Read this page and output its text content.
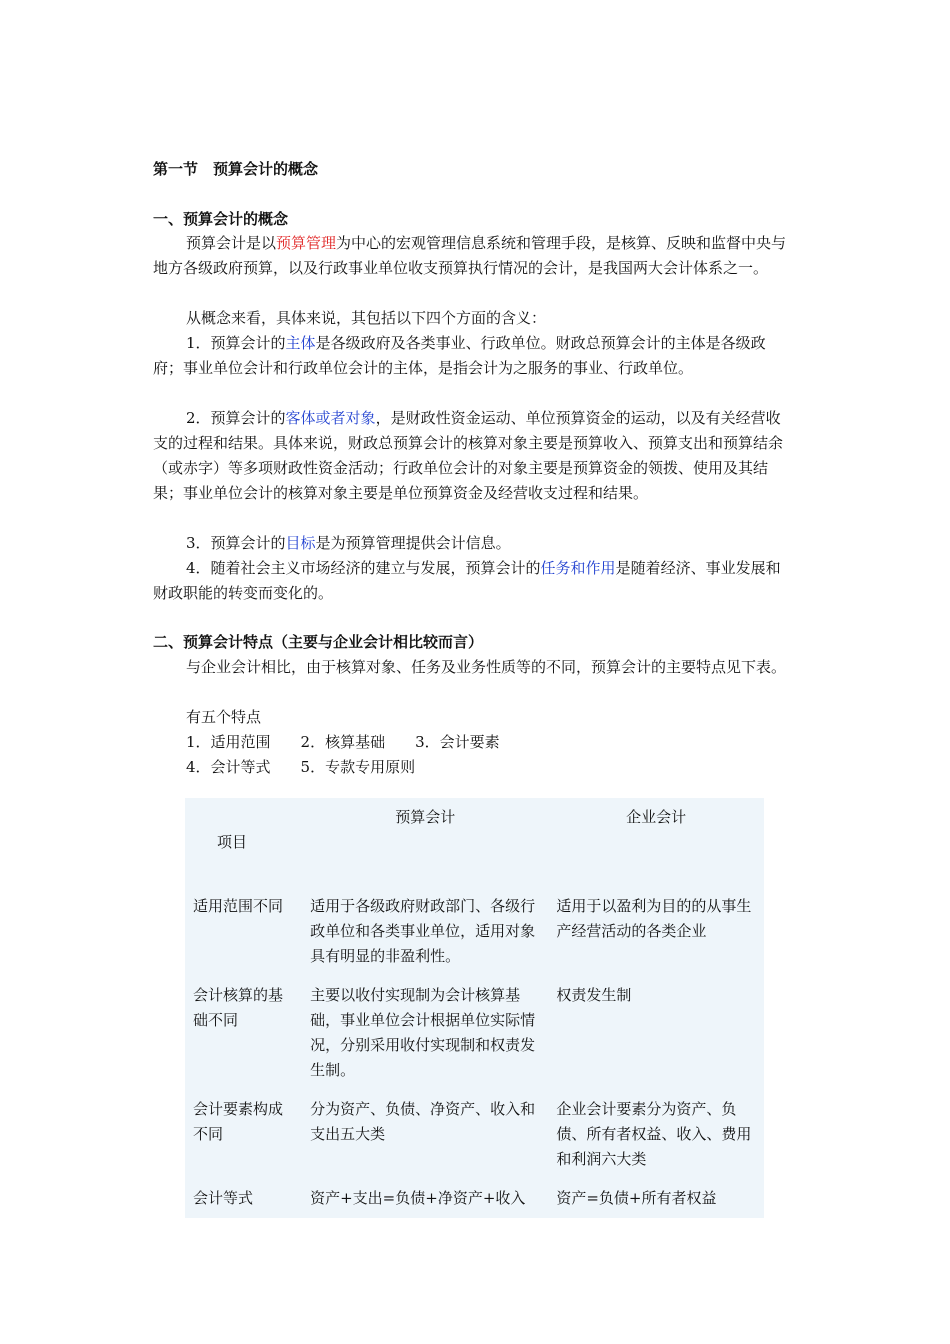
第一节　预算会计的概念
一、预算会计的概念
预算会计是以预算管理为中心的宏观管理信息系统和管理手段，是核算、反映和监督中央与地方各级政府预算，以及行政事业单位收支预算执行情况的会计，是我国两大会计体系之一。
从概念来看，具体来说，其包括以下四个方面的含义：
1．预算会计的主体是各级政府及各类事业、行政单位。财政总预算会计的主体是各级政府；事业单位会计和行政单位会计的主体，是指会计为之服务的事业、行政单位。
2．预算会计的客体或者对象，是财政性资金运动、单位预算资金的运动，以及有关经营收支的过程和结果。具体来说，财政总预算会计的核算对象主要是预算收入、预算支出和预算结余（或赤字）等多项财政性资金活动；行政单位会计的对象主要是预算资金的领拨、使用及其结果；事业单位会计的核算对象主要是单位预算资金及经营收支过程和结果。
3．预算会计的目标是为预算管理提供会计信息。
4．随着社会主义市场经济的建立与发展，预算会计的任务和作用是随着经济、事业发展和财政职能的转变而变化的。
二、预算会计特点（主要与企业会计相比较而言）
与企业会计相比，由于核算对象、任务及业务性质等的不同，预算会计的主要特点见下表。
有五个特点
1．适用范围　　2．核算基础　　3．会计要素
4．会计等式　　5．专款专用原则
项目	预算会计	企业会计
适用范围不同	适用于各级政府财政部门、各级行政单位和各类事业单位，适用对象具有明显的非盈利性。	适用于以盈利为目的的从事生产经营活动的各类企业
会计核算的基础不同	主要以收付实现制为会计核算基础，事业单位会计根据单位实际情况，分别采用收付实现制和权责发生制。	权责发生制
会计要素构成不同	分为资产、负债、净资产、收入和支出五大类	企业会计要素分为资产、负债、所有者权益、收入、费用和利润六大类
会计等式	资产+支出=负债+净资产+收入	资产=负债+所有者权益
